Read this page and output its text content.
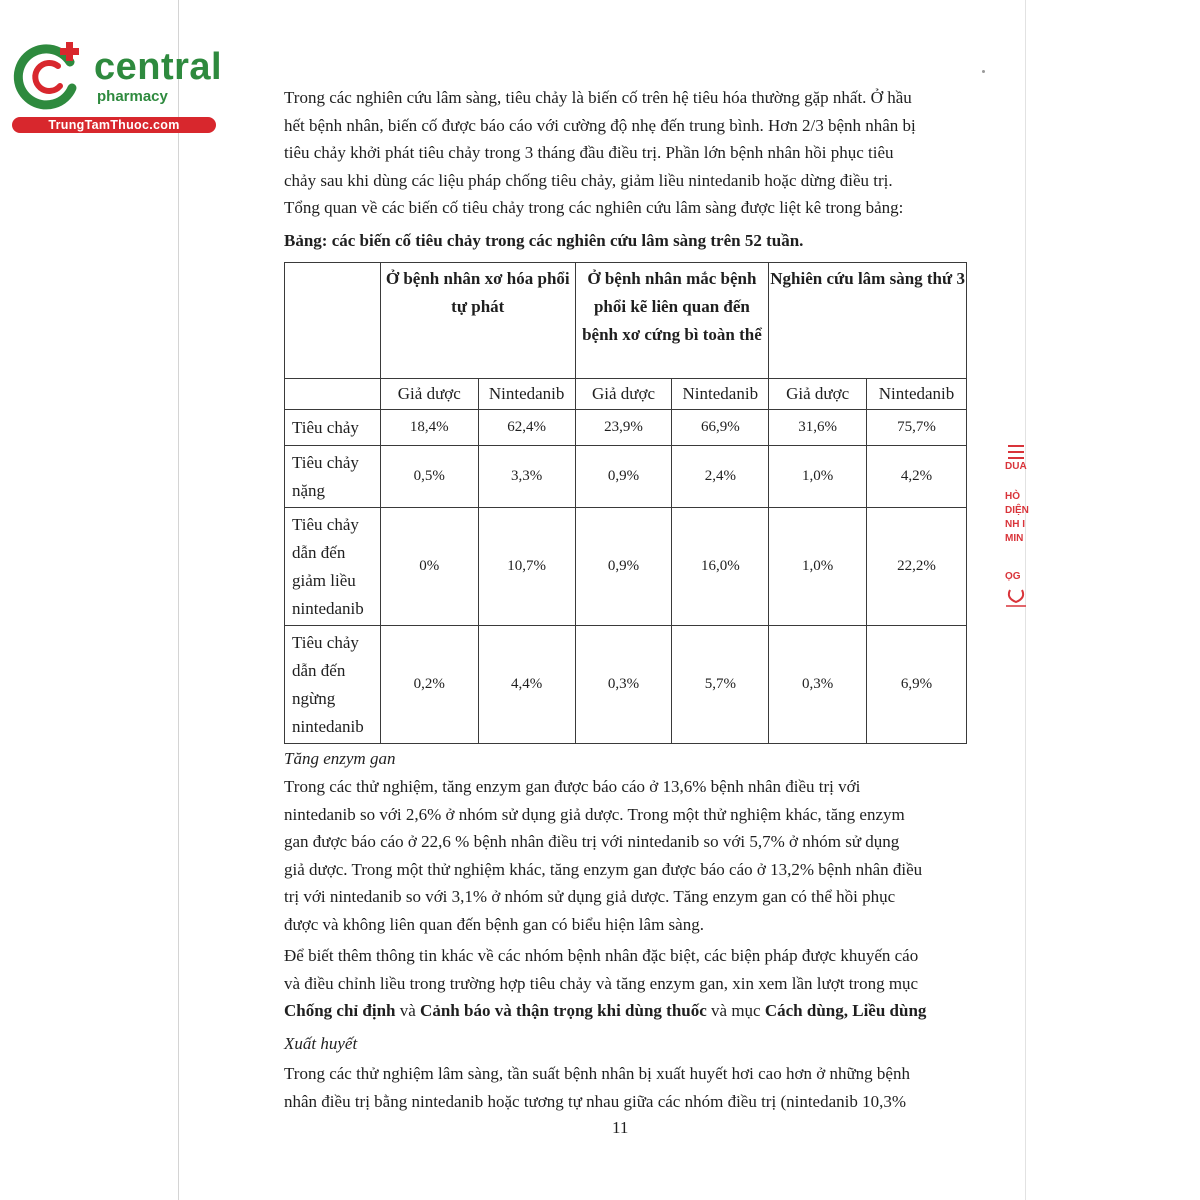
central
pharmacy
TrungTamThuoc.com
Trong các nghiên cứu lâm sàng, tiêu chảy là biến cố trên hệ tiêu hóa thường gặp nhất. Ở hầu
hết bệnh nhân, biến cố được báo cáo với cường độ nhẹ đến trung bình. Hơn 2/3 bệnh nhân bị
tiêu chảy khởi phát tiêu chảy trong 3 tháng đầu điều trị. Phần lớn bệnh nhân hồi phục tiêu
chảy sau khi dùng các liệu pháp chống tiêu chảy, giảm liều nintedanib hoặc dừng điều trị.
Tổng quan về các biến cố tiêu chảy trong các nghiên cứu lâm sàng được liệt kê trong bảng:
Bảng: các biến cố tiêu chảy trong các nghiên cứu lâm sàng trên 52 tuần.
	Ở bệnh nhân xơ hóa phổi tự phát		Ở bệnh nhân mắc bệnh phổi kẽ liên quan đến bệnh xơ cứng bì toàn thể		Nghiên cứu lâm sàng thứ 3	
	Giả dược	Nintedanib	Giả dược	Nintedanib	Giả dược	Nintedanib
Tiêu chảy	18,4%	62,4%	23,9%	66,9%	31,6%	75,7%
Tiêu chảy nặng	0,5%	3,3%	0,9%	2,4%	1,0%	4,2%
Tiêu chảy dẫn đến giảm liều nintedanib	0%	10,7%	0,9%	16,0%	1,0%	22,2%
Tiêu chảy dẫn đến ngừng nintedanib	0,2%	4,4%	0,3%	5,7%	0,3%	6,9%
Tăng enzym gan
Trong các thử nghiệm, tăng enzym gan được báo cáo ở 13,6% bệnh nhân điều trị với
nintedanib so với 2,6% ở nhóm sử dụng giả dược. Trong một thử nghiệm khác, tăng enzym
gan được báo cáo ở 22,6 % bệnh nhân điều trị với nintedanib so với 5,7% ở nhóm sử dụng
giả dược. Trong một thử nghiệm khác, tăng enzym gan được báo cáo ở 13,2% bệnh nhân điều
trị với nintedanib so với 3,1% ở nhóm sử dụng giả dược. Tăng enzym gan có thể hồi phục
được và không liên quan đến bệnh gan có biểu hiện lâm sàng.
Để biết thêm thông tin khác về các nhóm bệnh nhân đặc biệt, các biện pháp được khuyến cáo
và điều chỉnh liều trong trường hợp tiêu chảy và tăng enzym gan, xin xem lần lượt trong mục
Chống chỉ định và Cảnh báo và thận trọng khi dùng thuốc và mục Cách dùng, Liều dùng
Xuất huyết
Trong các thử nghiệm lâm sàng, tần suất bệnh nhân bị xuất huyết hơi cao hơn ở những bệnh
nhân điều trị bằng nintedanib hoặc tương tự nhau giữa các nhóm điều trị (nintedanib 10,3%
11
DUA
HÒ
DIỆN
NH I
MIN
ỌG
